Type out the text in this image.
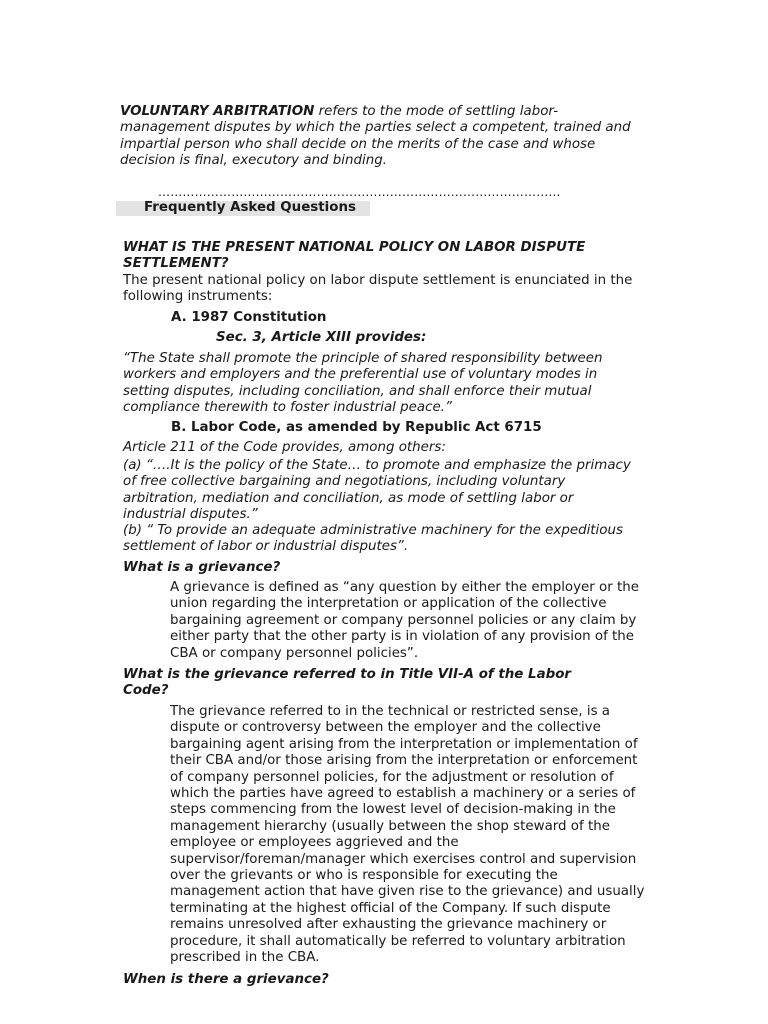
VOLUNTARY ARBITRATION refers to the mode of settling labor-management disputes by which the parties select a competent, trained and impartial person who shall decide on the merits of the case and whose decision is final, executory and binding.

………………………………………………………………………………………
Frequently Asked Questions

WHAT IS THE PRESENT NATIONAL POLICY ON LABOR DISPUTE SETTLEMENT?

The present national policy on labor dispute settlement is enunciated in the following instruments:

A. 1987 Constitution

Sec. 3, Article XIII provides:

“The State shall promote the principle of shared responsibility between workers and employers and the preferential use of voluntary modes in setting disputes, including conciliation, and shall enforce their mutual compliance therewith to foster industrial peace.”

B. Labor Code, as amended by Republic Act 6715

Article 211 of the Code provides, among others:

(a) “….It is the policy of the State… to promote and emphasize the primacy of free collective bargaining and negotiations, including voluntary arbitration, mediation and conciliation, as mode of settling labor or industrial disputes.”

(b) “ To provide an adequate administrative machinery for the expeditious settlement of labor or industrial disputes”.

What is a grievance?

A grievance is defined as “any question by either the employer or the union regarding the interpretation or application of the collective bargaining agreement or company personnel policies or any claim by either party that the other party is in violation of any provision of the CBA or company personnel policies”.

What is the grievance referred to in Title VII-A of the Labor Code?

The grievance referred to in the technical or restricted sense, is a dispute or controversy between the employer and the collective bargaining agent arising from the interpretation or implementation of their CBA and/or those arising from the interpretation or enforcement of company personnel policies, for the adjustment or resolution of which the parties have agreed to establish a machinery or a series of steps commencing from the lowest level of decision-making in the management hierarchy (usually between the shop steward of the employee or employees aggrieved and the supervisor/foreman/manager which exercises control and supervision over the grievants or who is responsible for executing the management action that have given rise to the grievance) and usually terminating at the highest official of the Company. If such dispute remains unresolved after exhausting the grievance machinery or procedure, it shall automatically be referred to voluntary arbitration prescribed in the CBA.

When is there a grievance?
